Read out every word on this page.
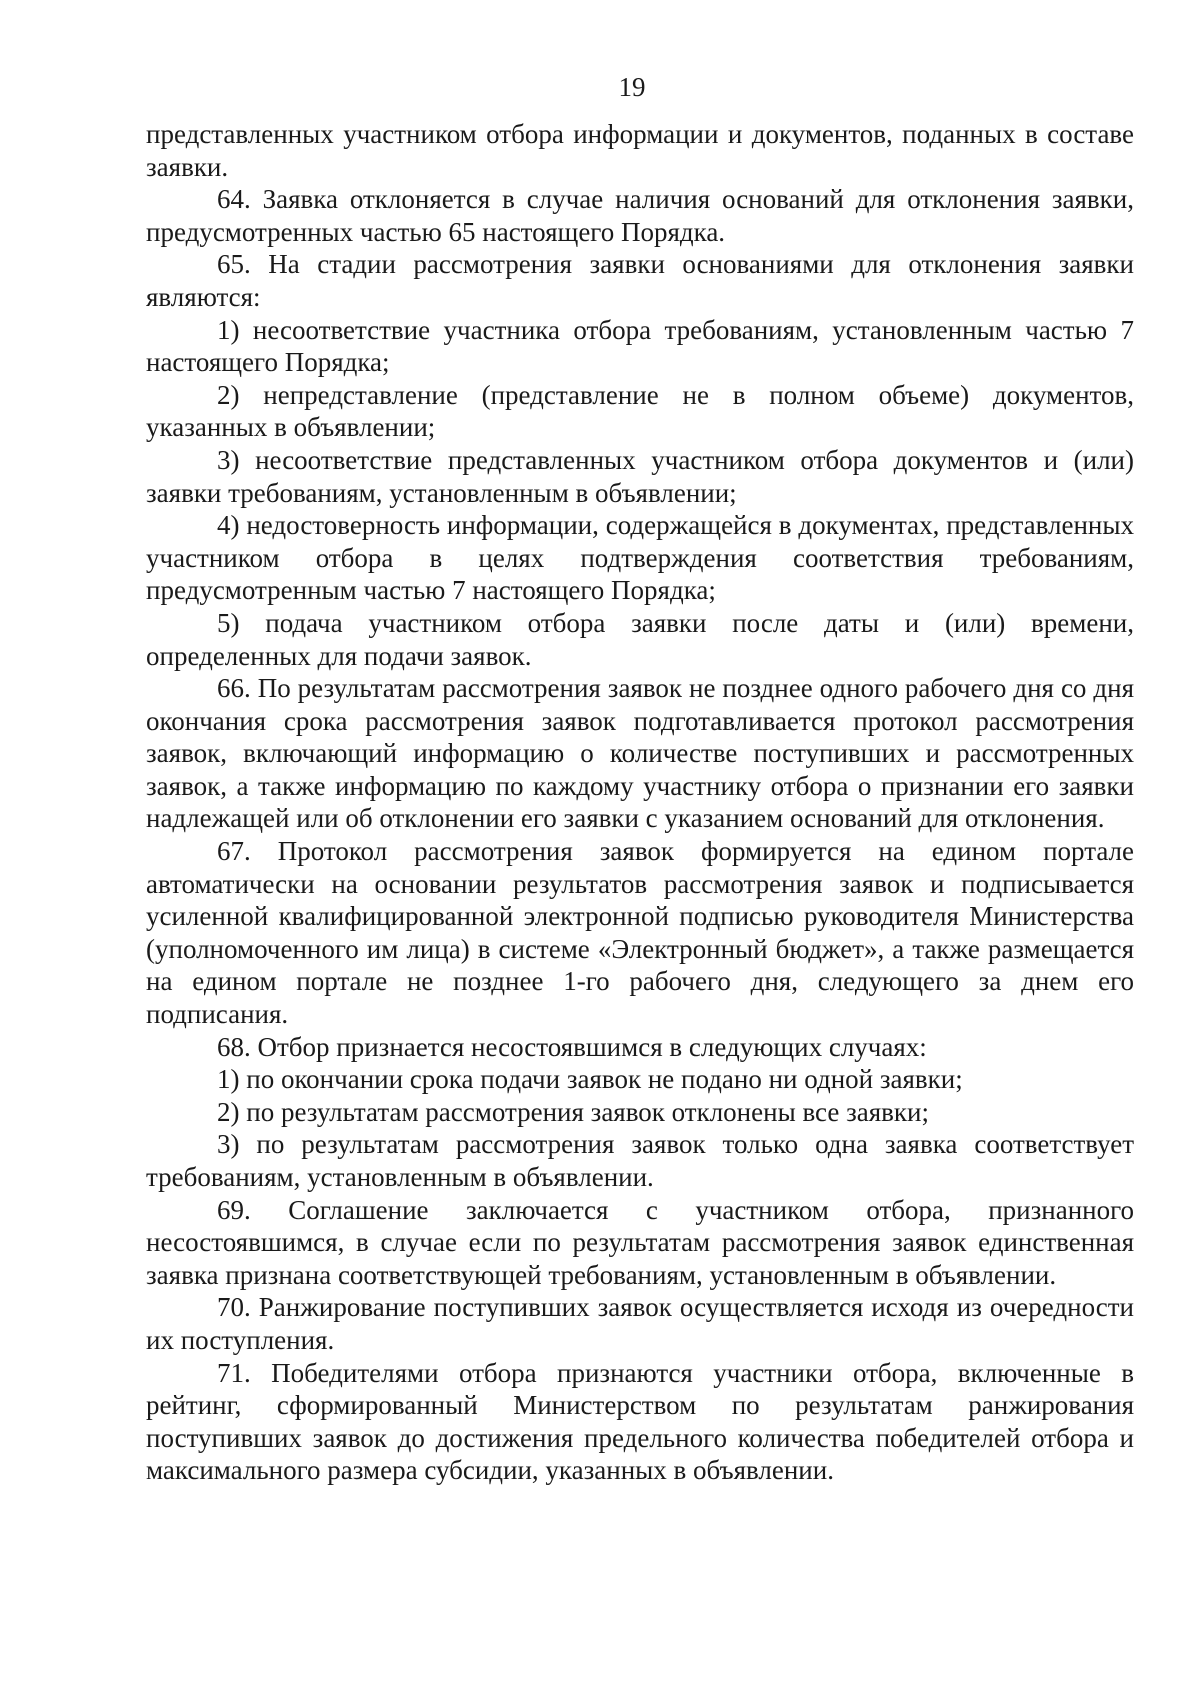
19

представленных участником отбора информации и документов, поданных в составе заявки.

64. Заявка отклоняется в случае наличия оснований для отклонения заявки, предусмотренных частью 65 настоящего Порядка.

65. На стадии рассмотрения заявки основаниями для отклонения заявки являются:

1) несоответствие участника отбора требованиям, установленным частью 7 настоящего Порядка;

2) непредставление (представление не в полном объеме) документов, указанных в объявлении;

3) несоответствие представленных участником отбора документов и (или) заявки требованиям, установленным в объявлении;

4) недостоверность информации, содержащейся в документах, представленных участником отбора в целях подтверждения соответствия требованиям, предусмотренным частью 7 настоящего Порядка;

5) подача участником отбора заявки после даты и (или) времени, определенных для подачи заявок.

66. По результатам рассмотрения заявок не позднее одного рабочего дня со дня окончания срока рассмотрения заявок подготавливается протокол рассмотрения заявок, включающий информацию о количестве поступивших и рассмотренных заявок, а также информацию по каждому участнику отбора о признании его заявки надлежащей или об отклонении его заявки с указанием оснований для отклонения.

67. Протокол рассмотрения заявок формируется на едином портале автоматически на основании результатов рассмотрения заявок и подписывается усиленной квалифицированной электронной подписью руководителя Министерства (уполномоченного им лица) в системе «Электронный бюджет», а также размещается на едином портале не позднее 1-го рабочего дня, следующего за днем его подписания.

68. Отбор признается несостоявшимся в следующих случаях:

1) по окончании срока подачи заявок не подано ни одной заявки;

2) по результатам рассмотрения заявок отклонены все заявки;

3) по результатам рассмотрения заявок только одна заявка соответствует требованиям, установленным в объявлении.

69. Соглашение заключается с участником отбора, признанного несостоявшимся, в случае если по результатам рассмотрения заявок единственная заявка признана соответствующей требованиям, установленным в объявлении.

70. Ранжирование поступивших заявок осуществляется исходя из очередности их поступления.

71. Победителями отбора признаются участники отбора, включенные в рейтинг, сформированный Министерством по результатам ранжирования поступивших заявок до достижения предельного количества победителей отбора и максимального размера субсидии, указанных в объявлении.
